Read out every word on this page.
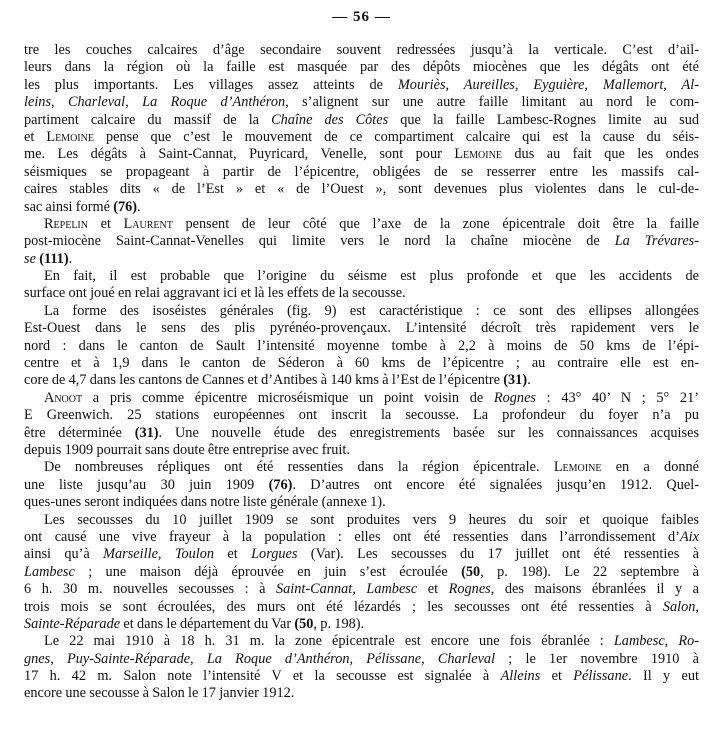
— 56 —
tre les couches calcaires d’âge secondaire souvent redressées jusqu’à la verticale. C’est d’ail-
leurs dans la région où la faille est masquée par des dépôts miocènes que les dégâts ont été
les plus importants. Les villages assez atteints de Mouriès, Aureilles, Eyguière, Mallemort, Al-
leins, Charleval, La Roque d’Anthéron, s’alignent sur une autre faille limitant au nord le com-
partiment calcaire du massif de la Chaîne des Côtes que la faille Lambesc-Rognes limite au sud
et Lemoine pense que c’est le mouvement de ce compartiment calcaire qui est la cause du séis-
me. Les dégâts à Saint-Cannat, Puyricard, Venelle, sont pour Lemoine dus au fait que les ondes
séismiques se propageant à partir de l’épicentre, obligées de se resserrer entre les massifs cal-
caires stables dits « de l’Est » et « de l’Ouest », sont devenues plus violentes dans le cul-de-
sac ainsi formé (76).
Repelin et Laurent pensent de leur côté que l’axe de la zone épicentrale doit être la faille
post-miocène Saint-Cannat-Venelles qui limite vers le nord la chaîne miocène de La Trévares-
se (111).
En fait, il est probable que l’origine du séisme est plus profonde et que les accidents de
surface ont joué en relai aggravant ici et là les effets de la secousse.
La forme des isoséistes générales (fig. 9) est caractéristique : ce sont des ellipses allongées
Est-Ouest dans le sens des plis pyrénéo-provençaux. L’intensité décroît très rapidement vers le
nord : dans le canton de Sault l’intensité moyenne tombe à 2,2 à moins de 50 kms de l’épi-
centre et à 1,9 dans le canton de Séderon à 60 kms de l’épicentre ; au contraire elle est en-
core de 4,7 dans les cantons de Cannes et d’Antibes à 140 kms à l’Est de l’épicentre (31).
Anoot a pris comme épicentre microséismique un point voisin de Rognes : 43° 40’ N ; 5° 21’
E Greenwich. 25 stations européennes ont inscrit la secousse. La profondeur du foyer n’a pu
être déterminée (31). Une nouvelle étude des enregistrements basée sur les connaissances acquises
depuis 1909 pourrait sans doute être entreprise avec fruit.
De nombreuses répliques ont été ressenties dans la région épicentrale. Lemoine en a donné
une liste jusqu’au 30 juin 1909 (76). D’autres ont encore été signalées jusqu’en 1912. Quel-
ques-unes seront indiquées dans notre liste générale (annexe 1).
Les secousses du 10 juillet 1909 se sont produites vers 9 heures du soir et quoique faibles
ont causé une vive frayeur à la population : elles ont été ressenties dans l’arrondissement d’Aix
ainsi qu’à Marseille, Toulon et Lorgues (Var). Les secousses du 17 juillet ont été ressenties à
Lambesc ; une maison déjà éprouvée en juin s’est écroulée (50, p. 198). Le 22 septembre à
6 h. 30 m. nouvelles secousses : à Saint-Cannat, Lambesc et Rognes, des maisons ébranlées il y a
trois mois se sont écroulées, des murs ont été lézardés ; les secousses ont été ressenties à Salon,
Sainte-Réparade et dans le département du Var (50, p. 198).
Le 22 mai 1910 à 18 h. 31 m. la zone épicentrale est encore une fois ébranlée : Lambesc, Ro-
gnes, Puy-Sainte-Réparade, La Roque d’Anthéron, Pélissane, Charleval ; le 1er novembre 1910 à
17 h. 42 m. Salon note l’intensité V et la secousse est signalée à Alleins et Pélissane. Il y eut
encore une secousse à Salon le 17 janvier 1912.
